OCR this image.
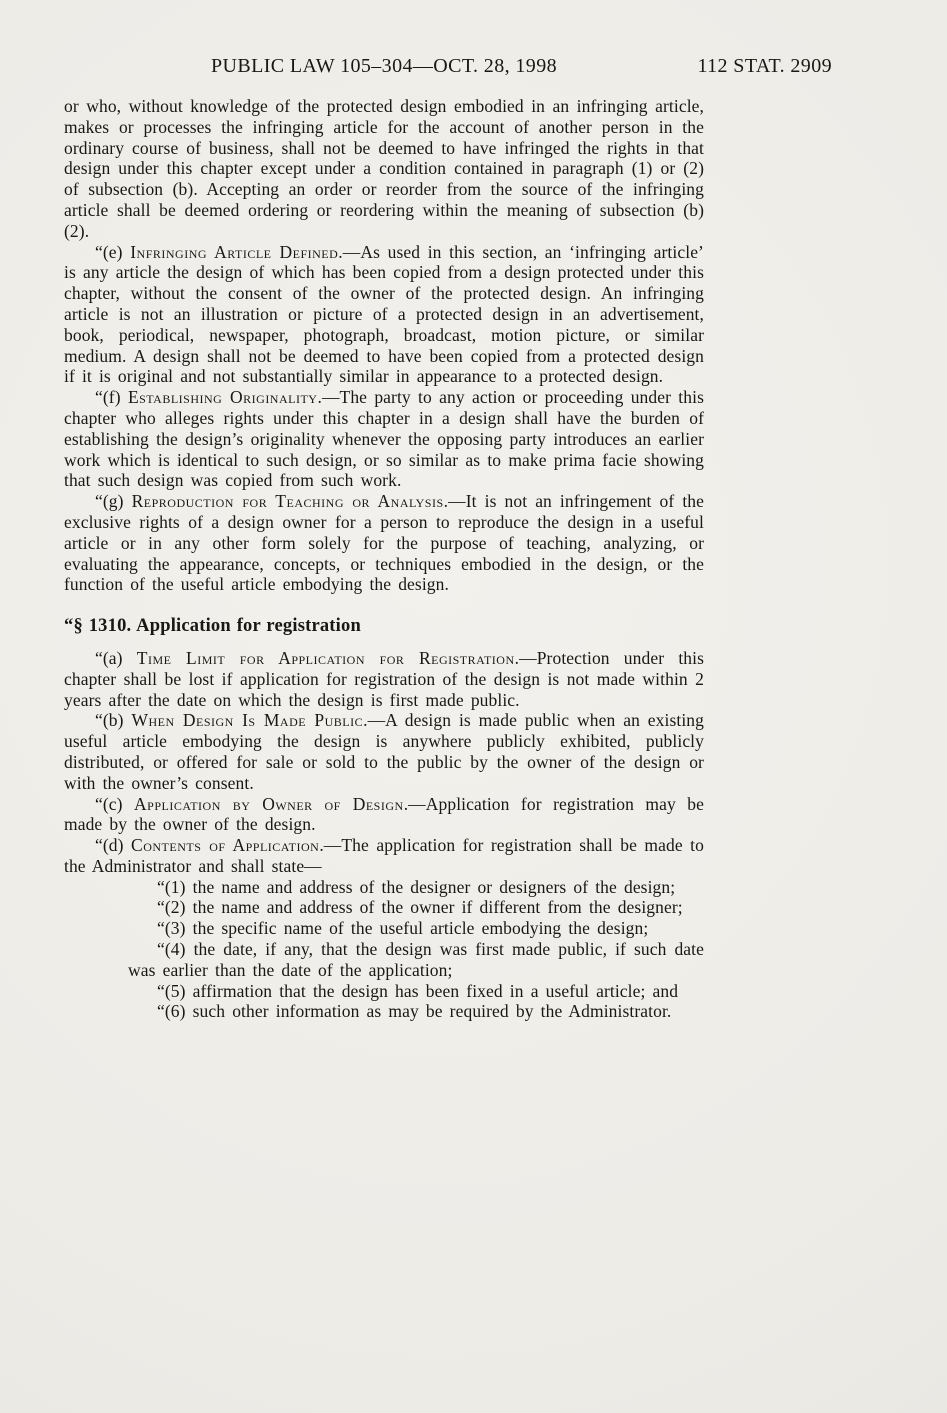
PUBLIC LAW 105–304—OCT. 28, 1998	112 STAT. 2909

or who, without knowledge of the protected design embodied in an infringing article, makes or processes the infringing article for the account of another person in the ordinary course of business, shall not be deemed to have infringed the rights in that design under this chapter except under a condition contained in paragraph (1) or (2) of subsection (b). Accepting an order or reorder from the source of the infringing article shall be deemed ordering or reordering within the meaning of subsection (b)(2).

“(e) Infringing Article Defined.—As used in this section, an ‘infringing article’ is any article the design of which has been copied from a design protected under this chapter, without the consent of the owner of the protected design. An infringing article is not an illustration or picture of a protected design in an advertisement, book, periodical, newspaper, photograph, broadcast, motion picture, or similar medium. A design shall not be deemed to have been copied from a protected design if it is original and not substantially similar in appearance to a protected design.

“(f) Establishing Originality.—The party to any action or proceeding under this chapter who alleges rights under this chapter in a design shall have the burden of establishing the design’s originality whenever the opposing party introduces an earlier work which is identical to such design, or so similar as to make prima facie showing that such design was copied from such work.

“(g) Reproduction for Teaching or Analysis.—It is not an infringement of the exclusive rights of a design owner for a person to reproduce the design in a useful article or in any other form solely for the purpose of teaching, analyzing, or evaluating the appearance, concepts, or techniques embodied in the design, or the function of the useful article embodying the design.

“§ 1310. Application for registration

“(a) Time Limit for Application for Registration.—Protection under this chapter shall be lost if application for registration of the design is not made within 2 years after the date on which the design is first made public.

“(b) When Design Is Made Public.—A design is made public when an existing useful article embodying the design is anywhere publicly exhibited, publicly distributed, or offered for sale or sold to the public by the owner of the design or with the owner’s consent.

“(c) Application by Owner of Design.—Application for registration may be made by the owner of the design.

“(d) Contents of Application.—The application for registration shall be made to the Administrator and shall state—

“(1) the name and address of the designer or designers of the design;

“(2) the name and address of the owner if different from the designer;

“(3) the specific name of the useful article embodying the design;

“(4) the date, if any, that the design was first made public, if such date was earlier than the date of the application;

“(5) affirmation that the design has been fixed in a useful article; and

“(6) such other information as may be required by the Administrator.
